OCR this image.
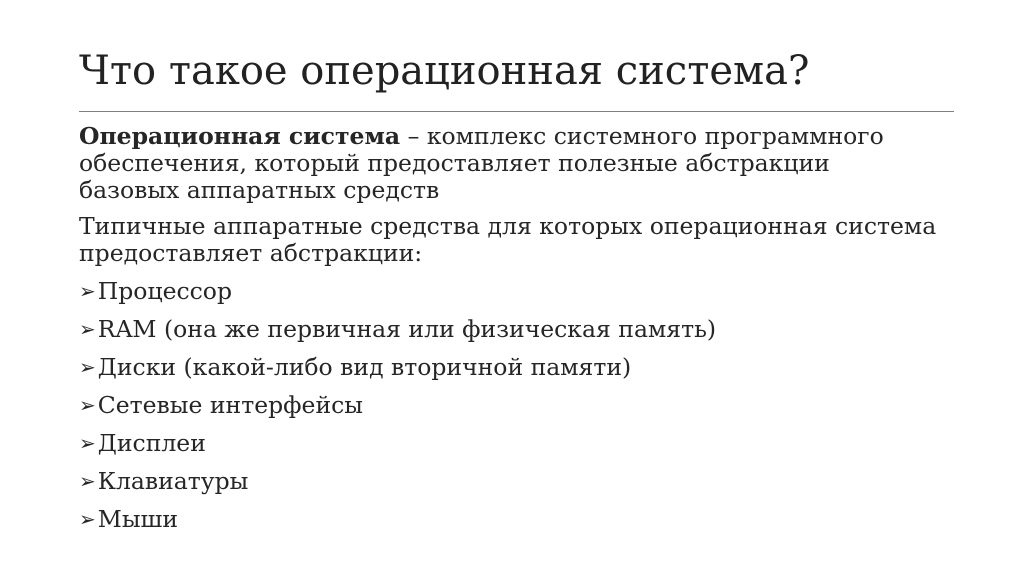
Что такое операционная система?

Операционная система – комплекс системного программного обеспечения, который предоставляет полезные абстракции базовых аппаратных средств

Типичные аппаратные средства для которых операционная система предоставляет абстракции:

➢Процессор
➢RAM (она же первичная или физическая память)
➢Диски (какой-либо вид вторичной памяти)
➢Сетевые интерфейсы
➢Дисплеи
➢Клавиатуры
➢Мыши
